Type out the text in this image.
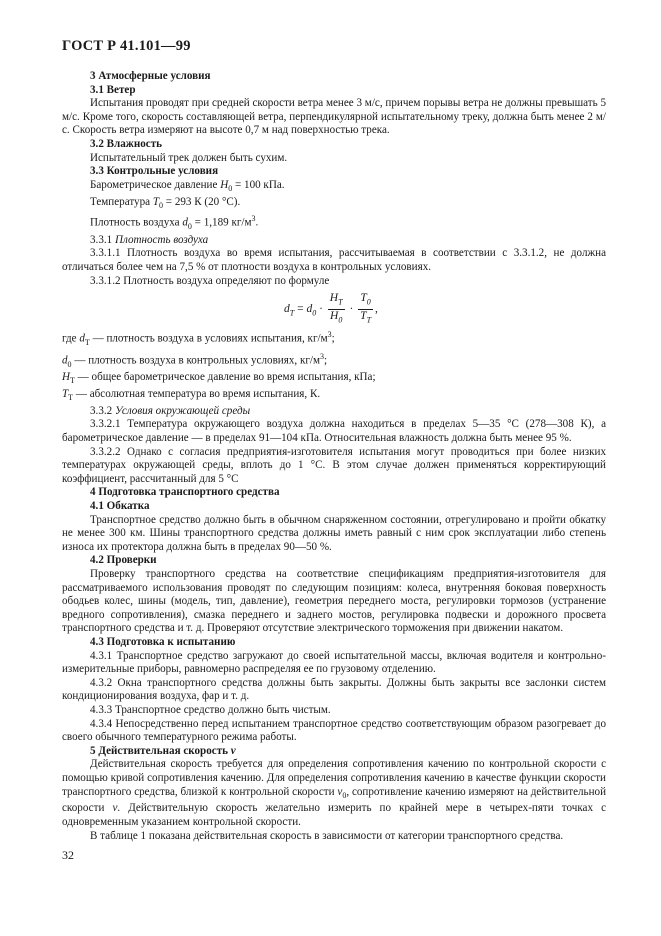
ГОСТ Р 41.101—99

3 Атмосферные условия

3.1 Ветер

Испытания проводят при средней скорости ветра менее 3 м/с, причем порывы ветра не должны превышать 5 м/с. Кроме того, скорость составляющей ветра, перпендикулярной испытательному треку, должна быть менее 2 м/с. Скорость ветра измеряют на высоте 0,7 м над поверхностью трека.

3.2 Влажность

Испытательный трек должен быть сухим.

3.3 Контрольные условия

Барометрическое давление $H_0 = 100$ кПа.

Температура $T_0 = 293$ К (20 °С).

Плотность воздуха $d_0 = 1,189$ $кг/м^3$.

3.3.1 Плотность воздуха

3.3.1.1 Плотность воздуха во время испытания, рассчитываемая в соответствии с 3.3.1.2, не должна отличаться более чем на 7,5 % от плотности воздуха в контрольных условиях.

3.3.1.2 Плотность воздуха определяют по формуле

$d_T = d_0 \cdot \frac{H_T}{H_0} \cdot \frac{T_0}{T_T}$ ,

где $d_T$ — плотность воздуха в условиях испытания, $кг/м^3$;

$d_0$ — плотность воздуха в контрольных условиях, $кг/м^3$;

$H_T$ — общее барометрическое давление во время испытания, кПа;

$T_T$ — абсолютная температура во время испытания, К.

3.3.2 Условия окружающей среды

3.3.2.1 Температура окружающего воздуха должна находиться в пределах 5—35 °С (278—308 К), а барометрическое давление — в пределах 91—104 кПа. Относительная влажность должна быть менее 95 %.

3.3.2.2 Однако с согласия предприятия-изготовителя испытания могут проводиться при более низких температурах окружающей среды, вплоть до 1 °С. В этом случае должен применяться корректирующий коэффициент, рассчитанный для 5 °С

4 Подготовка транспортного средства

4.1 Обкатка

Транспортное средство должно быть в обычном снаряженном состоянии, отрегулировано и пройти обкатку не менее 300 км. Шины транспортного средства должны иметь равный с ним срок эксплуатации либо степень износа их протектора должна быть в пределах 90—50 %.

4.2 Проверки

Проверку транспортного средства на соответствие спецификациям предприятия-изготовителя для рассматриваемого использования проводят по следующим позициям: колеса, внутренняя боковая поверхность ободьев колес, шины (модель, тип, давление), геометрия переднего моста, регулировки тормозов (устранение вредного сопротивления), смазка переднего и заднего мостов, регулировка подвески и дорожного просвета транспортного средства и т. д. Проверяют отсутствие электрического торможения при движении накатом.

4.3 Подготовка к испытанию

4.3.1 Транспортное средство загружают до своей испытательной массы, включая водителя и контрольно-измерительные приборы, равномерно распределяя ее по грузовому отделению.

4.3.2 Окна транспортного средства должны быть закрыты. Должны быть закрыты все заслонки систем кондиционирования воздуха, фар и т. д.

4.3.3 Транспортное средство должно быть чистым.

4.3.4 Непосредственно перед испытанием транспортное средство соответствующим образом разогревает до своего обычного температурного режима работы.

5 Действительная скорость v

Действительная скорость требуется для определения сопротивления качению по контрольной скорости с помощью кривой сопротивления качению. Для определения сопротивления качению в качестве функции скорости транспортного средства, близкой к контрольной скорости $v_0$, сопротивление качению измеряют на действительной скорости v. Действительную скорость желательно измерить по крайней мере в четырех-пяти точках с одновременным указанием контрольной скорости.

В таблице 1 показана действительная скорость в зависимости от категории транспортного средства.

32
